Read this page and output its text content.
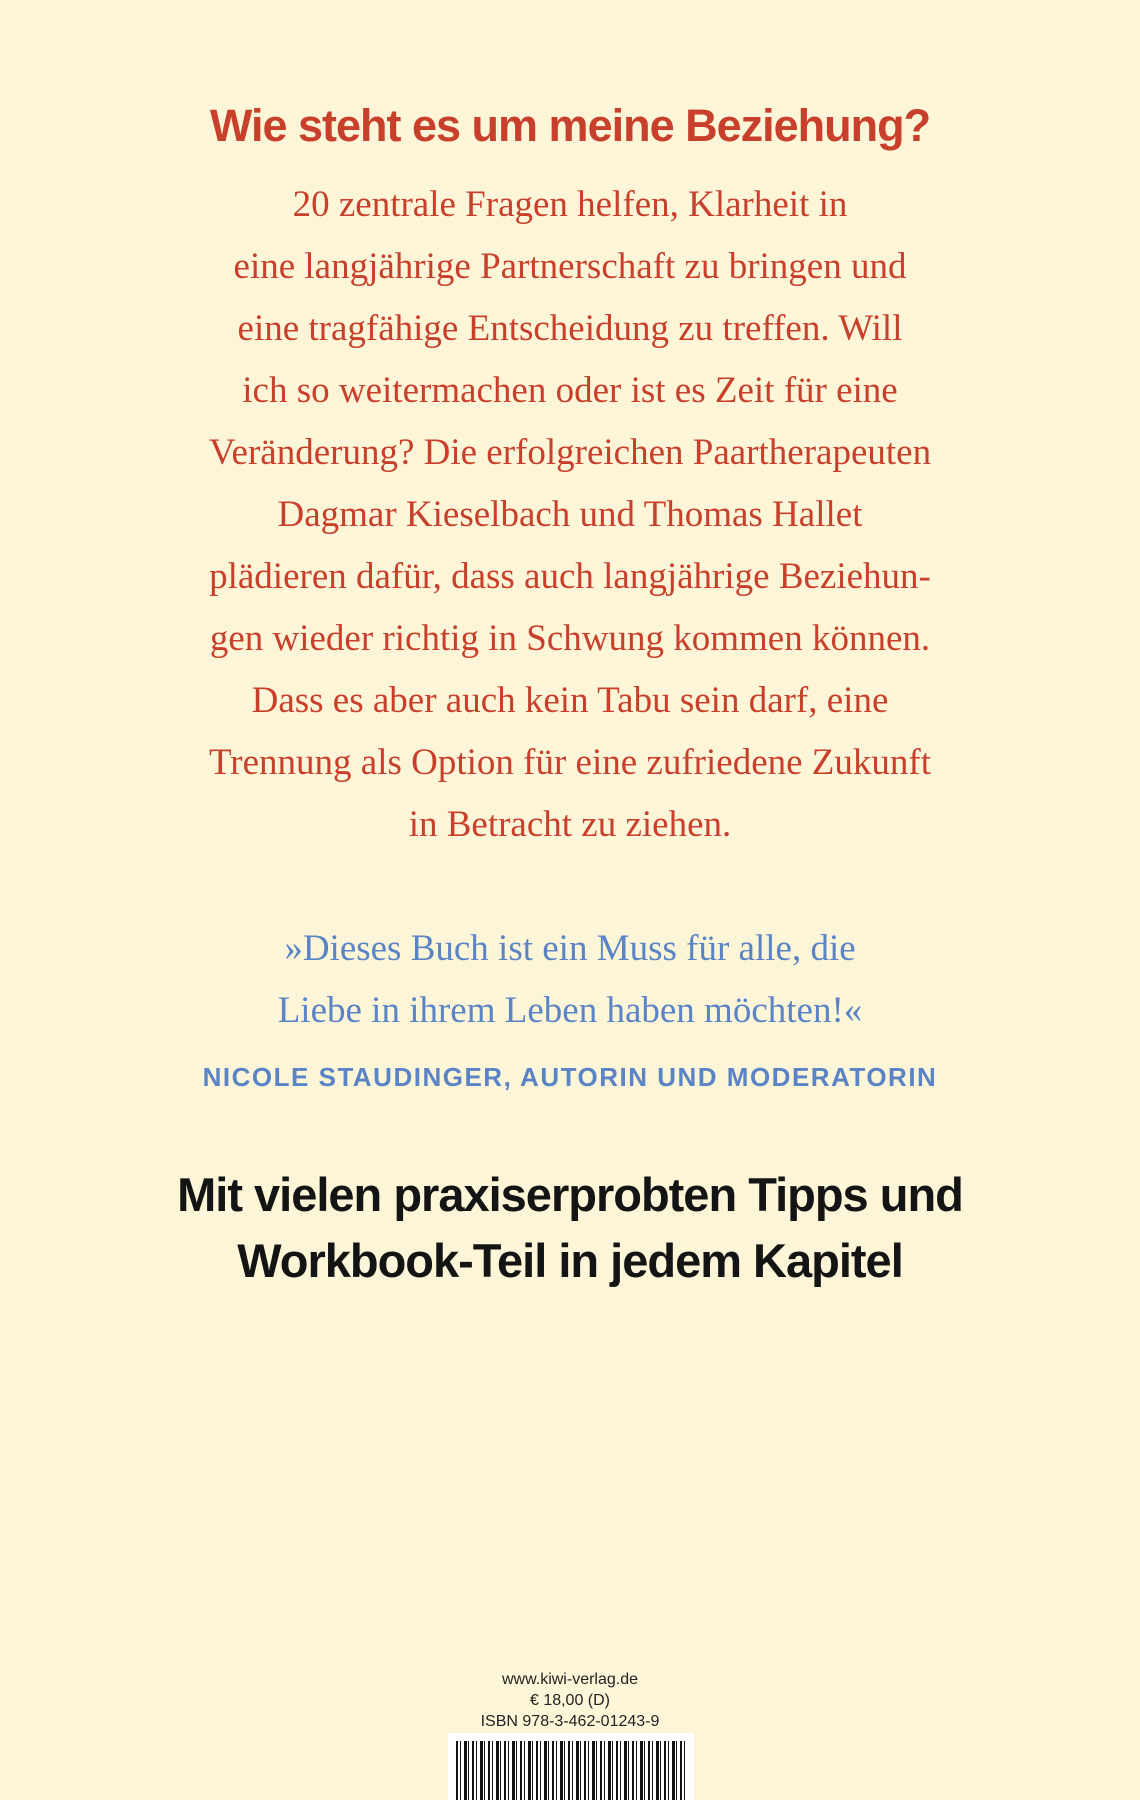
Wie steht es um meine Beziehung?
20 zentrale Fragen helfen, Klarheit in
eine langjährige Partnerschaft zu bringen und
eine tragfähige Entscheidung zu treffen. Will
ich so weitermachen oder ist es Zeit für eine
Veränderung? Die erfolgreichen Paartherapeuten
Dagmar Kieselbach und Thomas Hallet
plädieren dafür, dass auch langjährige Beziehun-
gen wieder richtig in Schwung kommen können.
Dass es aber auch kein Tabu sein darf, eine
Trennung als Option für eine zufriedene Zukunft
in Betracht zu ziehen.
»Dieses Buch ist ein Muss für alle, die
Liebe in ihrem Leben haben möchten!«
NICOLE STAUDINGER, AUTORIN UND MODERATORIN
Mit vielen praxiserprobten Tipps und
Workbook-Teil in jedem Kapitel
www.kiwi-verlag.de
€ 18,00 (D)
ISBN 978-3-462-01243-9
